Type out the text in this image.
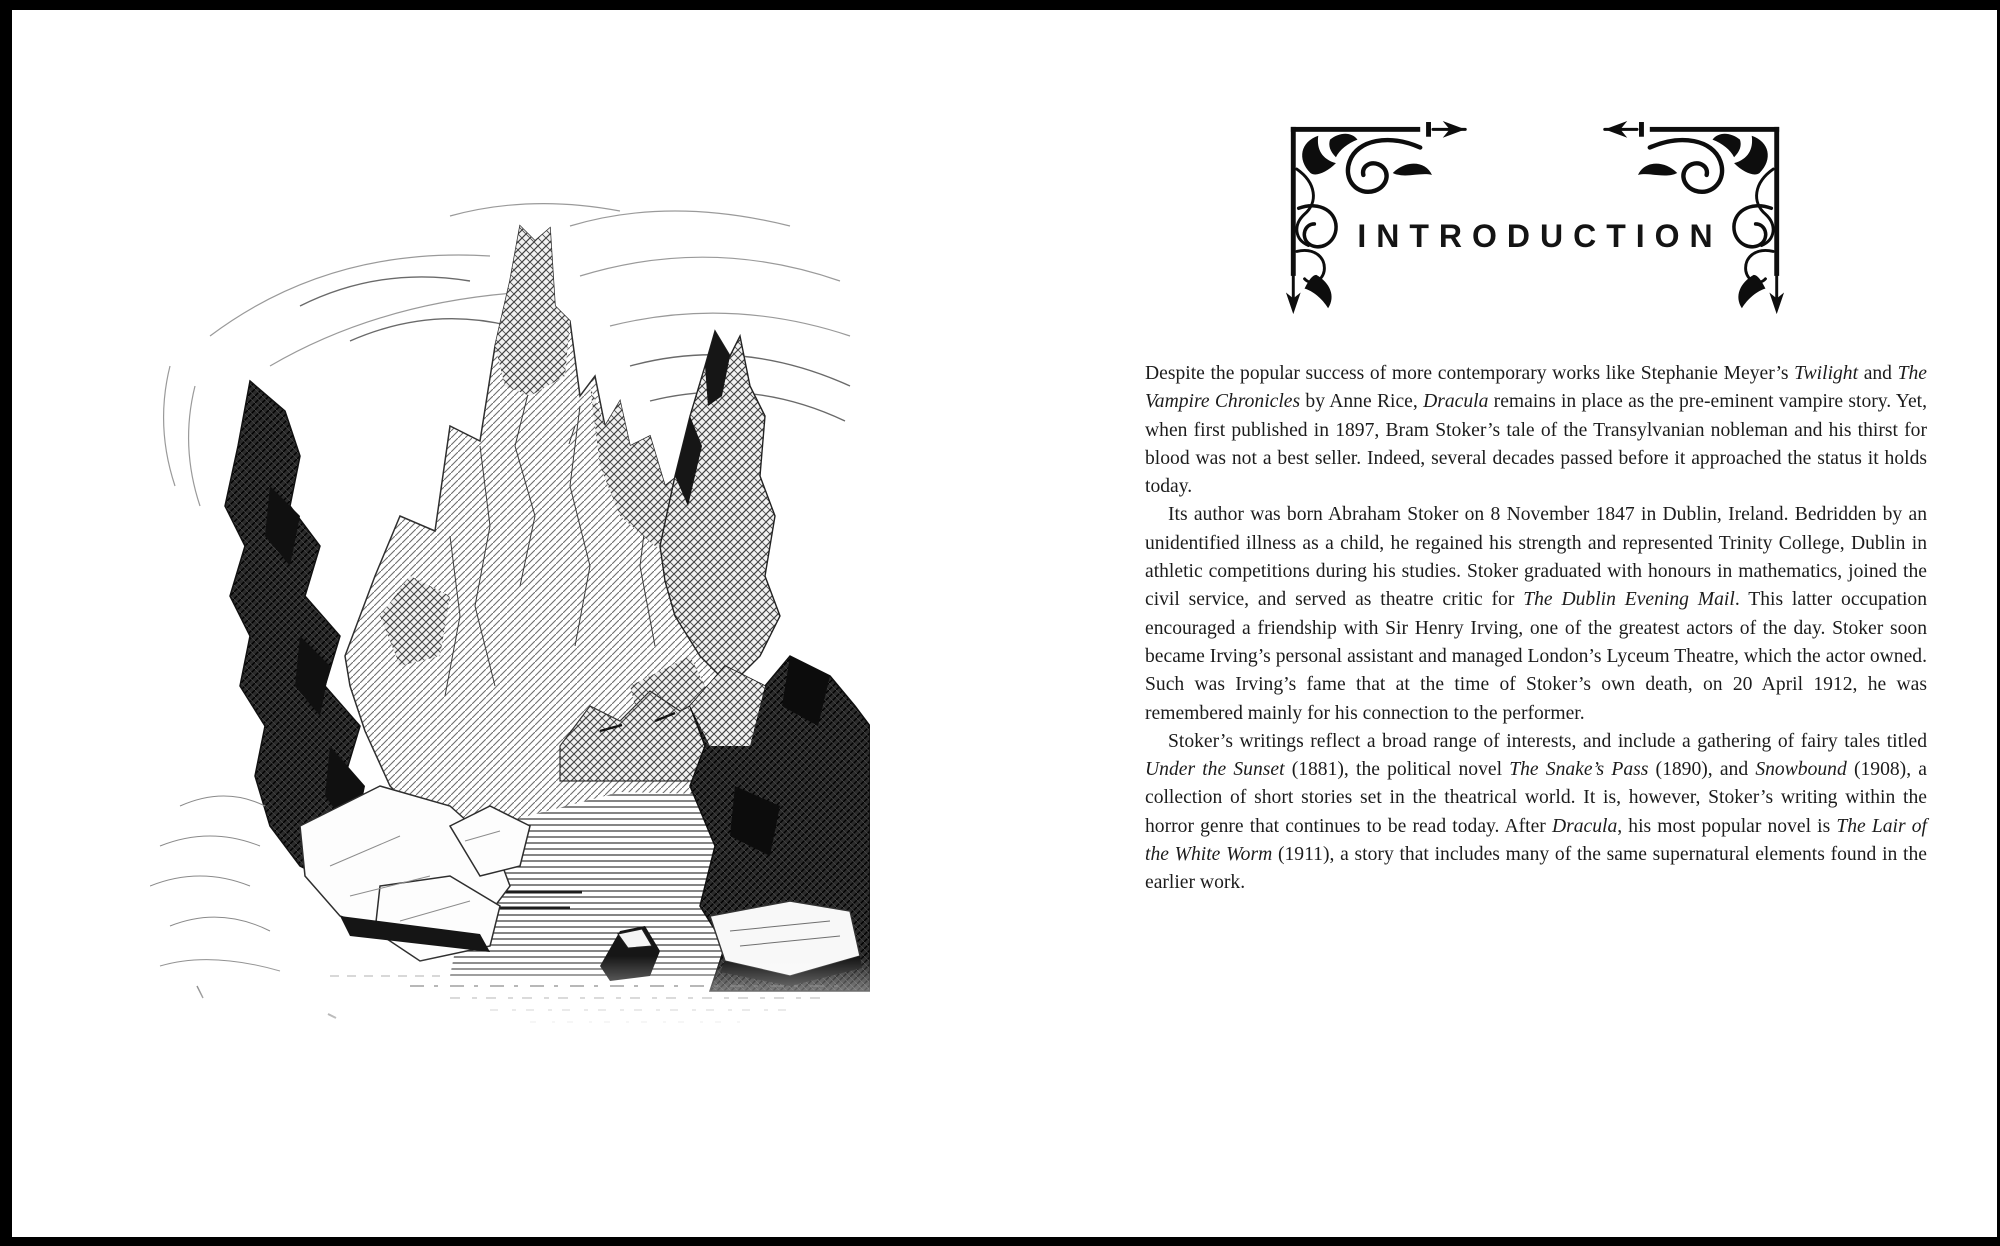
INTRODUCTION

Despite the popular success of more contemporary works like Stephanie Meyer’s Twilight and The Vampire Chronicles by Anne Rice, Dracula remains in place as the pre-eminent vampire story. Yet, when first published in 1897, Bram Stoker’s tale of the Transylvanian nobleman and his thirst for blood was not a best seller. Indeed, several decades passed before it approached the status it holds today.

Its author was born Abraham Stoker on 8 November 1847 in Dublin, Ireland. Bedridden by an unidentified illness as a child, he regained his strength and represented Trinity College, Dublin in athletic competitions during his studies. Stoker graduated with honours in mathematics, joined the civil service, and served as theatre critic for The Dublin Evening Mail. This latter occupation encouraged a friendship with Sir Henry Irving, one of the greatest actors of the day. Stoker soon became Irving’s personal assistant and managed London’s Lyceum Theatre, which the actor owned. Such was Irving’s fame that at the time of Stoker’s own death, on 20 April 1912, he was remembered mainly for his connection to the performer.

Stoker’s writings reflect a broad range of interests, and include a gathering of fairy tales titled Under the Sunset (1881), the political novel The Snake’s Pass (1890), and Snowbound (1908), a collection of short stories set in the theatrical world. It is, however, Stoker’s writing within the horror genre that continues to be read today. After Dracula, his most popular novel is The Lair of the White Worm (1911), a story that includes many of the same supernatural elements found in the earlier work.
